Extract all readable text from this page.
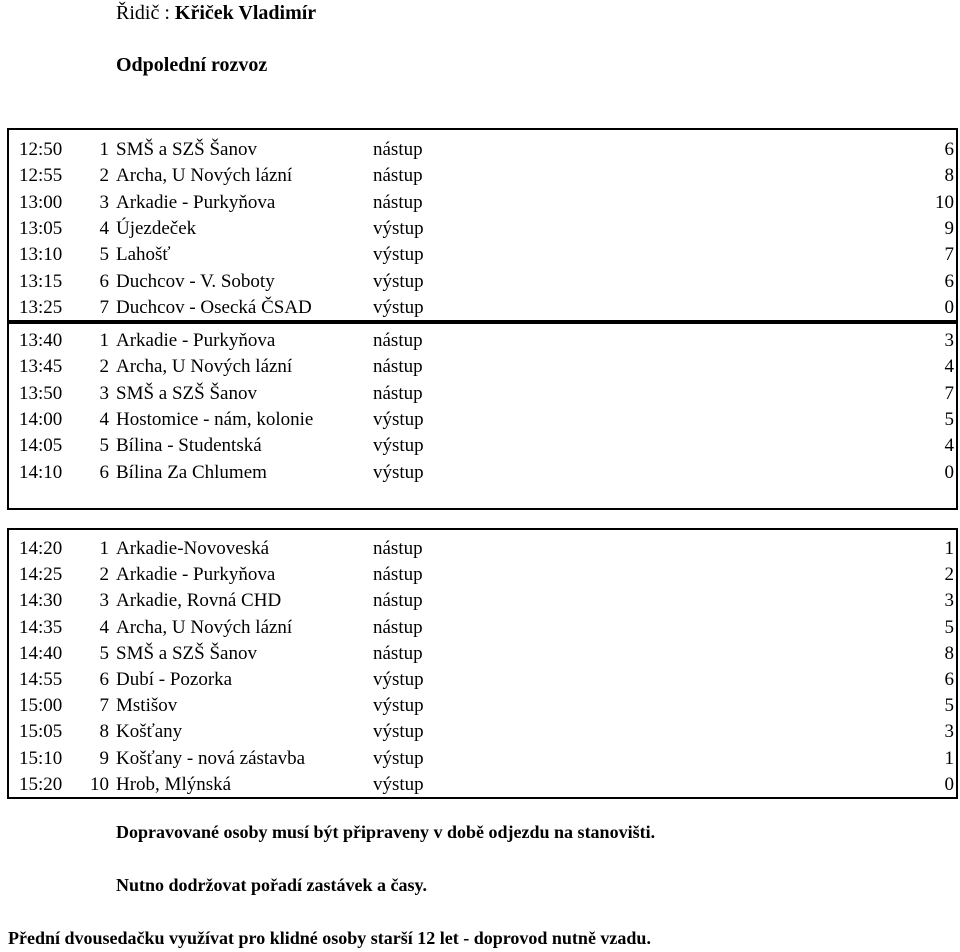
Řidič : Křiček Vladimír
Odpolední rozvoz
12:50	1 SMŠ a SZŠ Šanov	nástup	6
12:55	2 Archa, U Nových lázní	nástup	8
13:00	3 Arkadie - Purkyňova	nástup	10
13:05	4 Újezdeček	výstup	9
13:10	5 Lahošť	výstup	7
13:15	6 Duchcov - V. Soboty	výstup	6
13:25	7 Duchcov - Osecká ČSAD	výstup	0
13:40	1 Arkadie - Purkyňova	nástup	3
13:45	2 Archa, U Nových lázní	nástup	4
13:50	3 SMŠ a SZŠ Šanov	nástup	7
14:00	4 Hostomice - nám, kolonie	výstup	5
14:05	5 Bílina - Studentská	výstup	4
14:10	6 Bílina Za Chlumem	výstup	0
14:20	1 Arkadie-Novoveská	nástup	1
14:25	2 Arkadie - Purkyňova	nástup	2
14:30	3 Arkadie, Rovná CHD	nástup	3
14:35	4 Archa, U Nových lázní	nástup	5
14:40	5 SMŠ a SZŠ Šanov	nástup	8
14:55	6 Dubí - Pozorka	výstup	6
15:00	7 Mstišov	výstup	5
15:05	8 Košťany	výstup	3
15:10	9 Košťany - nová zástavba	výstup	1
15:20	10 Hrob, Mlýnská	výstup	0
Dopravované osoby musí být připraveny v době odjezdu na stanovišti.
Nutno dodržovat pořadí zastávek a časy.
Přední dvousedačku využívat pro klidné osoby starší 12 let - doprovod nutně vzadu.
